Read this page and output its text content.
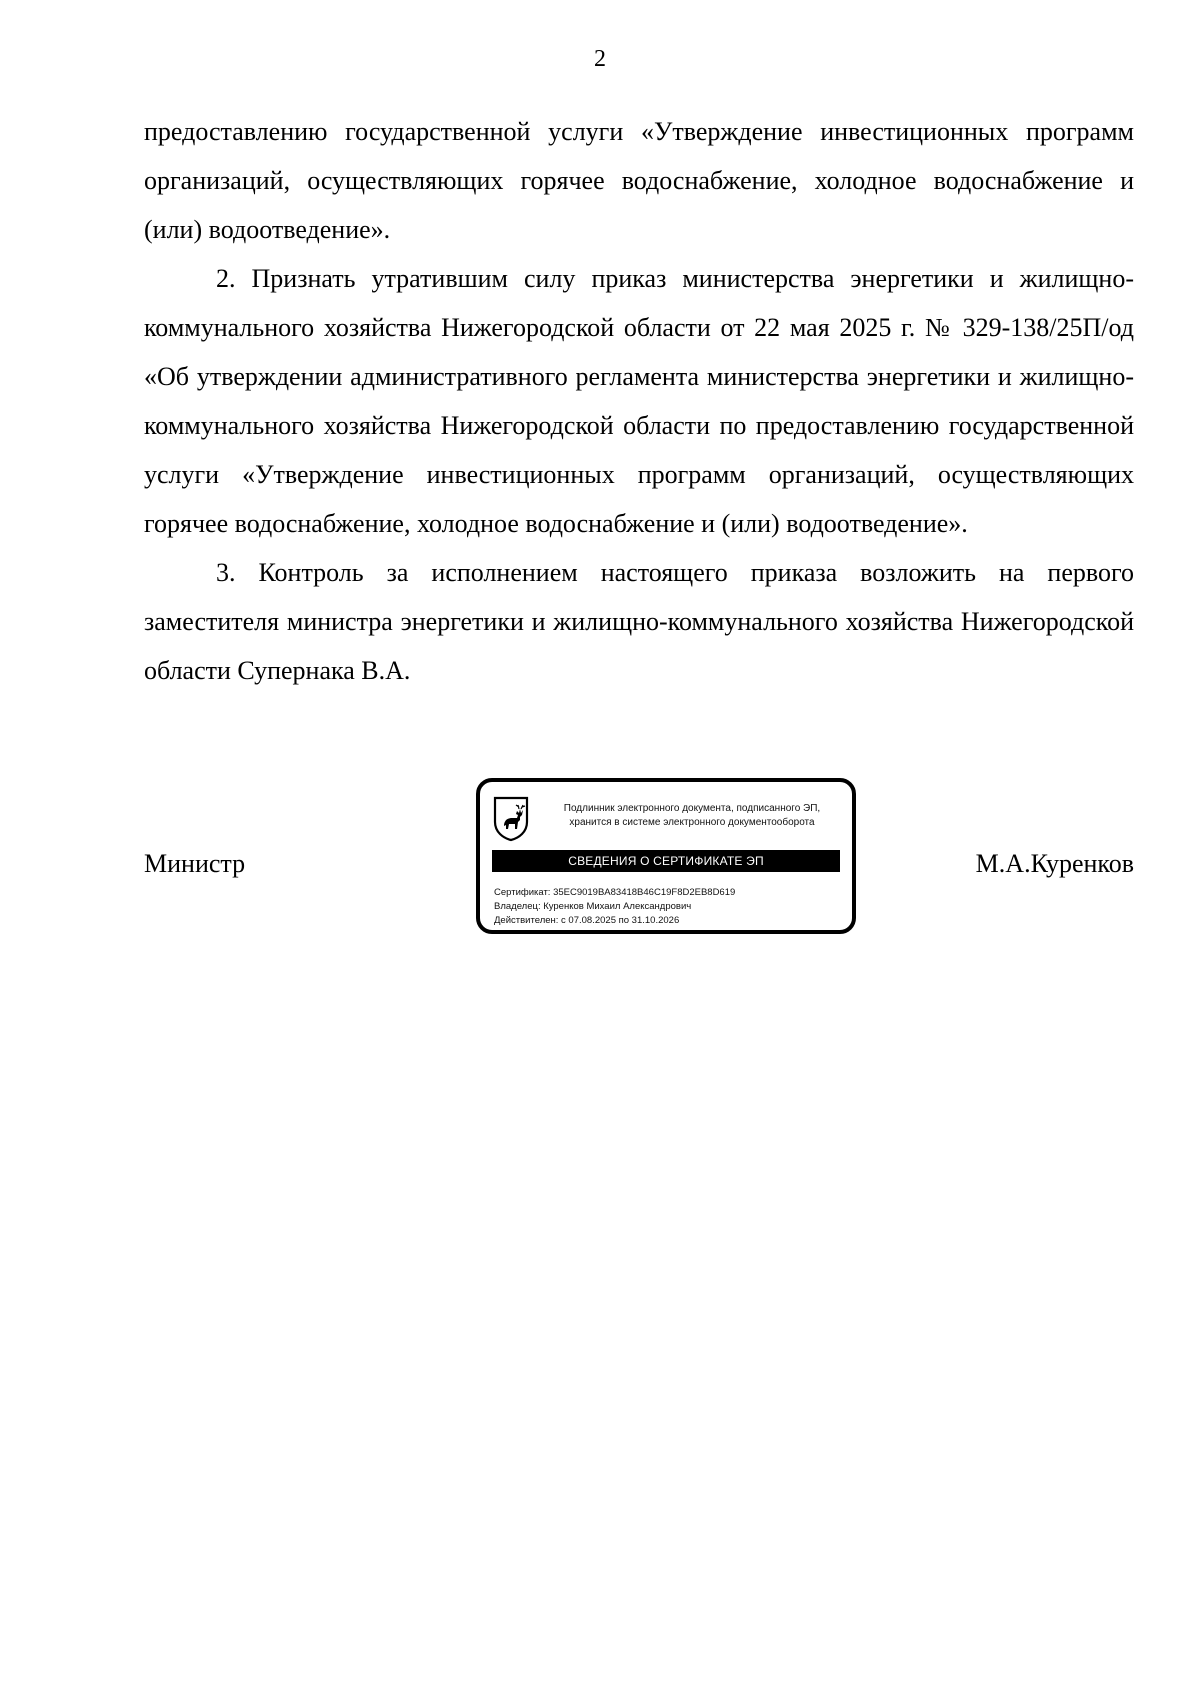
2

предоставлению государственной услуги «Утверждение инвестиционных программ организаций, осуществляющих горячее водоснабжение, холодное водоснабжение и (или) водоотведение».

2. Признать утратившим силу приказ министерства энергетики и жилищно-коммунального хозяйства Нижегородской области от 22 мая 2025 г. № 329-138/25П/од «Об утверждении административного регламента министерства энергетики и жилищно-коммунального хозяйства Нижегородской области по предоставлению государственной услуги «Утверждение инвестиционных программ организаций, осуществляющих горячее водоснабжение, холодное водоснабжение и (или) водоотведение».

3. Контроль за исполнением настоящего приказа возложить на первого заместителя министра энергетики и жилищно-коммунального хозяйства Нижегородской области Супернака В.А.

Министр
Подлинник электронного документа, подписанного ЭП,
хранится в системе электронного документооборота
СВЕДЕНИЯ О СЕРТИФИКАТЕ ЭП
Сертификат: 35EC9019BA83418B46C19F8D2EB8D619
Владелец: Куренков Михаил Александрович
Действителен: с 07.08.2025 по 31.10.2026
М.А.Куренков
